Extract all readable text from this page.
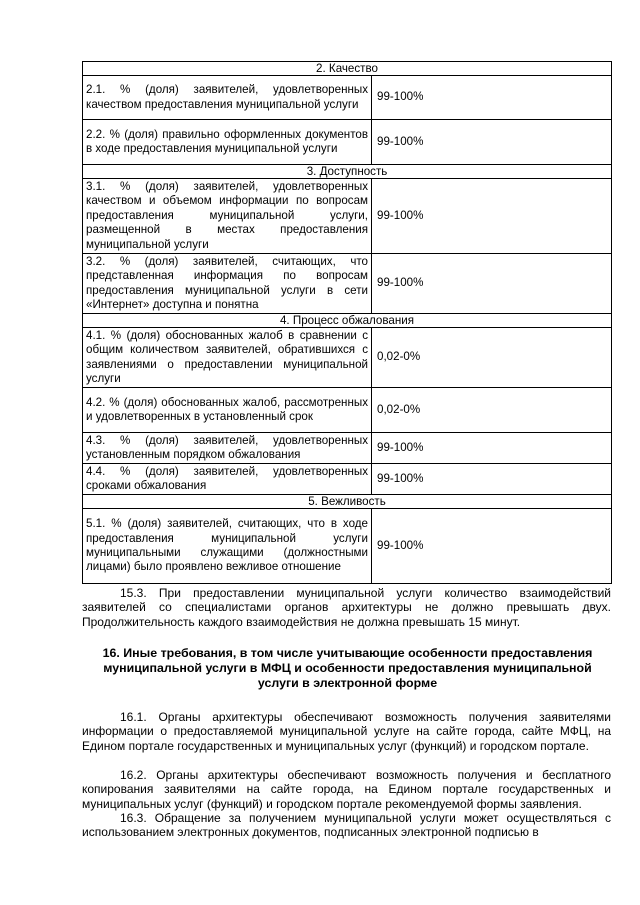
2. Качество	
2.1. % (доля) заявителей, удовлетворенных качеством предоставления муниципальной услуги	99-100%
2.2. % (доля) правильно оформленных документов в ходе предоставления муниципальной услуги	99-100%
3. Доступность	
3.1. % (доля) заявителей, удовлетворенных качеством и объемом информации по вопросам предоставления муниципальной услуги, размещенной в местах предоставления муниципальной услуги	99-100%
3.2. % (доля) заявителей, считающих, что представленная информация по вопросам предоставления муниципальной услуги в сети «Интернет» доступна и понятна	99-100%
4. Процесс обжалования	
4.1. % (доля) обоснованных жалоб в сравнении с общим количеством заявителей, обратившихся с заявлениями о предоставлении муниципальной услуги	0,02-0%
4.2. % (доля) обоснованных жалоб, рассмотренных и удовлетворенных в установленный срок	0,02-0%
4.3. % (доля) заявителей, удовлетворенных установленным порядком обжалования	99-100%
4.4. % (доля) заявителей, удовлетворенных сроками обжалования	99-100%
5. Вежливость	
5.1. % (доля) заявителей, считающих, что в ходе предоставления муниципальной услуги муниципальными служащими (должностными лицами) было проявлено вежливое отношение	99-100%
15.3. При предоставлении муниципальной услуги количество взаимодействий заявителей со специалистами органов архитектуры не должно превышать двух. Продолжительность каждого взаимодействия не должна превышать 15 минут.
16. Иные требования, в том числе учитывающие особенности предоставления муниципальной услуги в МФЦ и особенности предоставления муниципальной услуги в электронной форме
16.1. Органы архитектуры обеспечивают возможность получения заявителями информации о предоставляемой муниципальной услуге на сайте города, сайте МФЦ, на Едином портале государственных и муниципальных услуг (функций) и городском портале.
16.2. Органы архитектуры обеспечивают возможность получения и бесплатного копирования заявителями на сайте города, на Едином портале государственных и муниципальных услуг (функций) и городском портале рекомендуемой формы заявления.
16.3. Обращение за получением муниципальной услуги может осуществляться с использованием электронных документов, подписанных электронной подписью в
